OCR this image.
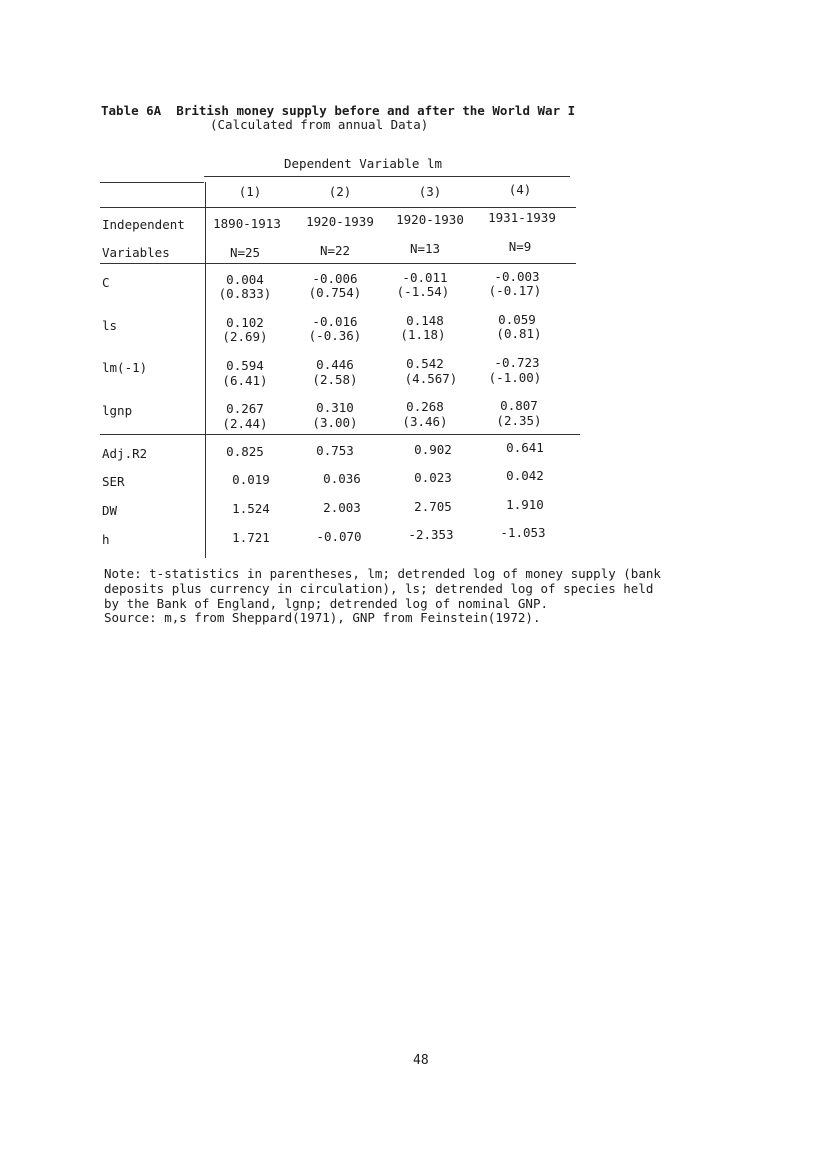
Table 6A British money supply before and after the World War I
(Calculated from annual Data)
Dependent Variable lm
Independent
Variables
(1)	(2)	(3)	(4)
1890-1913	1920-1939	1920-1930	1931-1939
N=25	N=22	N=13	N=9
C	0.004	-0.006	-0.011	-0.003
(0.833)	(0.754)	(-1.54)	(-0.17)
ls	0.102	-0.016	0.148	0.059
(2.69)	(-0.36)	(1.18)	(0.81)
lm(-1)	0.594	0.446	0.542	-0.723
(6.41)	(2.58)	(4.567)	(-1.00)
lgnp	0.267	0.310	0.268	0.807
(2.44)	(3.00)	(3.46)	(2.35)
Adj.R2	0.825	0.753	0.902	0.641
SER	0.019	0.036	0.023	0.042
DW	1.524	2.003	2.705	1.910
h	1.721	-0.070	-2.353	-1.053
Note: t-statistics in parentheses, lm; detrended log of money supply (bank
deposits plus currency in circulation), ls; detrended log of species held
by the Bank of England, lgnp; detrended log of nominal GNP.
Source: m,s from Sheppard(1971), GNP from Feinstein(1972).
48
